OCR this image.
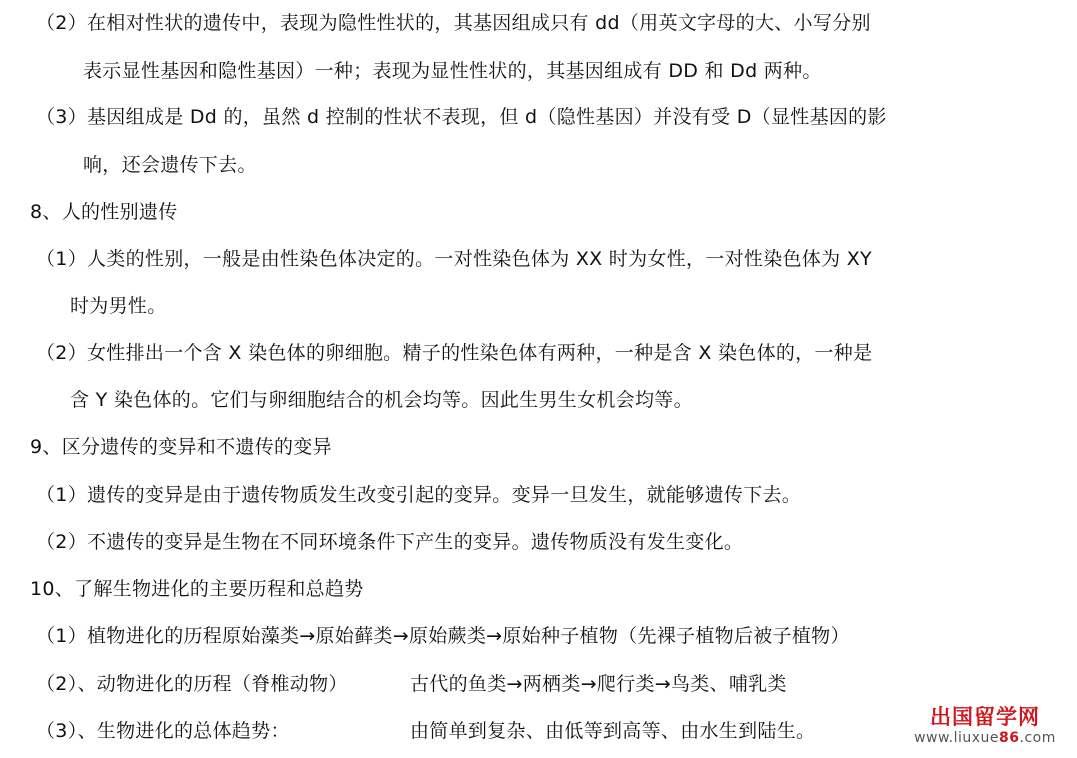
（2）在相对性状的遗传中，表现为隐性性状的，其基因组成只有 dd（用英文字母的大、小写分别
表示显性基因和隐性基因）一种；表现为显性性状的，其基因组成有 DD 和 Dd 两种。
（3）基因组成是 Dd 的，虽然 d 控制的性状不表现，但 d（隐性基因）并没有受 D（显性基因的影
响，还会遗传下去。
8、人的性别遗传
（1）人类的性别，一般是由性染色体决定的。一对性染色体为 XX 时为女性，一对性染色体为 XY
时为男性。
（2）女性排出一个含 X 染色体的卵细胞。精子的性染色体有两种，一种是含 X 染色体的，一种是
含 Y 染色体的。它们与卵细胞结合的机会均等。因此生男生女机会均等。
9、区分遗传的变异和不遗传的变异
（1）遗传的变异是由于遗传物质发生改变引起的变异。变异一旦发生，就能够遗传下去。
（2）不遗传的变异是生物在不同环境条件下产生的变异。遗传物质没有发生变化。
10、了解生物进化的主要历程和总趋势
（1）植物进化的历程原始藻类→原始藓类→原始蕨类→原始种子植物（先裸子植物后被子植物）
（2）、动物进化的历程（脊椎动物）	古代的鱼类→两栖类→爬行类→鸟类、哺乳类
（3）、生物进化的总体趋势：	由简单到复杂、由低等到高等、由水生到陆生。
出国留学网
www.liuxue86.com
